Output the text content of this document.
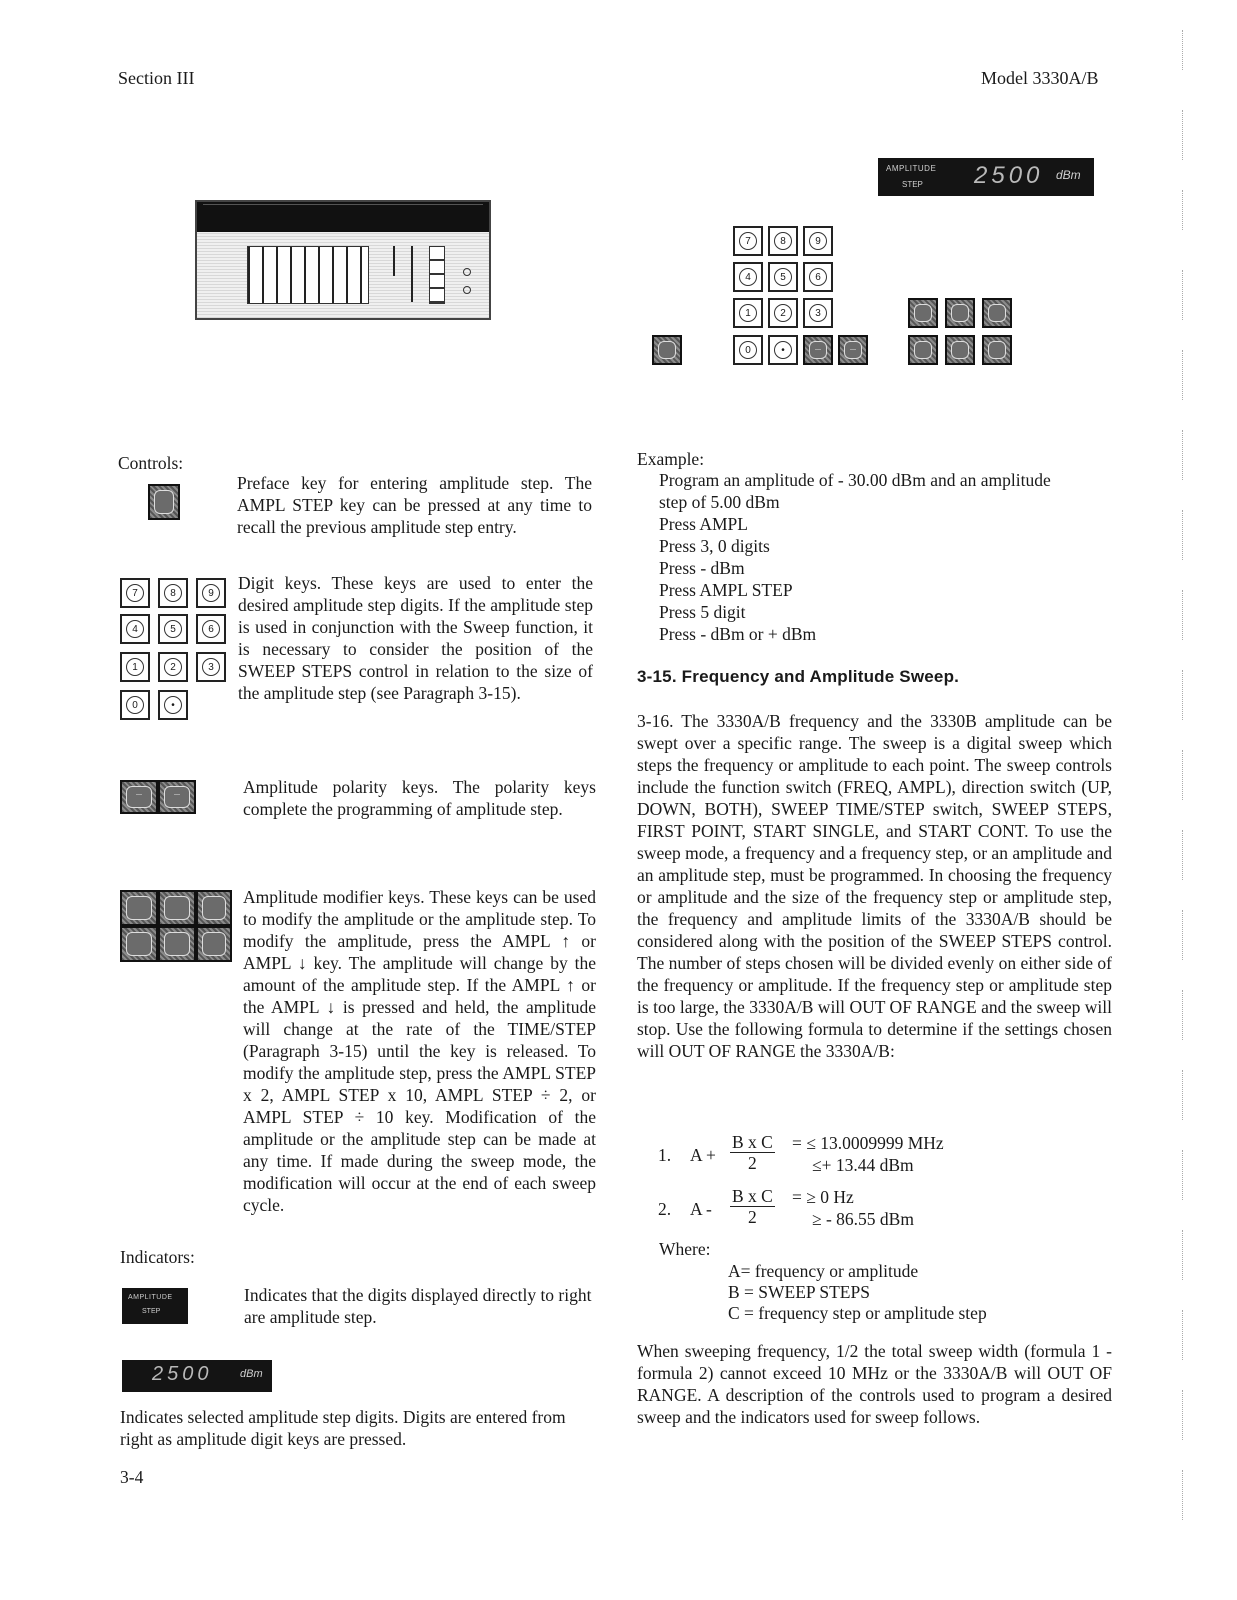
Section III	Model 3330A/B
AMPLITUDE
STEP 2500 dBm
7	8	9
4	5	6
1	2	3
0	•	—	—
Controls:
Preface key for entering amplitude step. The AMPL STEP key can be pressed at any time to recall the previous amplitude step entry.
7	8	9
4	5	6
1	2	3
0	•
Digit keys. These keys are used to enter the desired amplitude step digits. If the amplitude step is used in conjunction with the Sweep function, it is necessary to consider the position of the SWEEP STEPS control in relation to the size of the amplitude step (see Paragraph 3-15).
—	—	Amplitude polarity keys. The polarity keys complete the programming of amplitude step.
Amplitude modifier keys. These keys can be used to modify the amplitude or the amplitude step. To modify the amplitude, press the AMPL ↑ or AMPL ↓ key. The amplitude will change by the amount of the amplitude step. If the AMPL ↑ or the AMPL ↓ is pressed and held, the amplitude will change at the rate of the TIME/STEP (Paragraph 3-15) until the key is released. To modify the amplitude step, press the AMPL STEP x 2, AMPL STEP x 10, AMPL STEP ÷ 2, or AMPL STEP ÷ 10 key. Modification of the amplitude or the amplitude step can be made at any time. If made during the sweep mode, the modification will occur at the end of each sweep cycle.
Indicators:
AMPLITUDE
STEP
Indicates that the digits displayed directly to right are amplitude step.
2500	dBm
Indicates selected amplitude step digits. Digits are entered from right as amplitude digit keys are pressed.
3-4
Example:
Program an amplitude of - 30.00 dBm and an amplitude
step of 5.00 dBm
Press AMPL
Press 3, 0 digits
Press - dBm
Press AMPL STEP
Press 5 digit
Press - dBm or + dBm
3-15. Frequency and Amplitude Sweep.
3-16. The 3330A/B frequency and the 3330B amplitude can be swept over a specific range. The sweep is a digital sweep which steps the frequency or amplitude to each point. The sweep controls include the function switch (FREQ, AMPL), direction switch (UP, DOWN, BOTH), SWEEP TIME/STEP switch, SWEEP STEPS, FIRST POINT, START SINGLE, and START CONT. To use the sweep mode, a frequency and a frequency step, or an amplitude and an amplitude step, must be programmed. In choosing the frequency or amplitude and the size of the frequency step or amplitude step, the frequency and amplitude limits of the 3330A/B should be considered along with the position of the SWEEP STEPS control. The number of steps chosen will be divided evenly on either side of the frequency or amplitude. If the frequency step or amplitude step is too large, the 3330A/B will OUT OF RANGE and the sweep will stop. Use the following formula to determine if the settings chosen will OUT OF RANGE the 3330A/B:
1. $A + \frac{\text{B x C}}{2}$ = ≤ 13.0009999 MHz
≤+ 13.44 dBm
2. A - $\frac{\text{B x C}}{2}$ = ≥ 0 Hz
≥ - 86.55 dBm
Where:
A= frequency or amplitude
B = SWEEP STEPS
C = frequency step or amplitude step
When sweeping frequency, 1/2 the total sweep width (formula 1 - formula 2) cannot exceed 10 MHz or the 3330A/B will OUT OF RANGE. A description of the controls used to program a desired sweep and the indicators used for sweep follows.
